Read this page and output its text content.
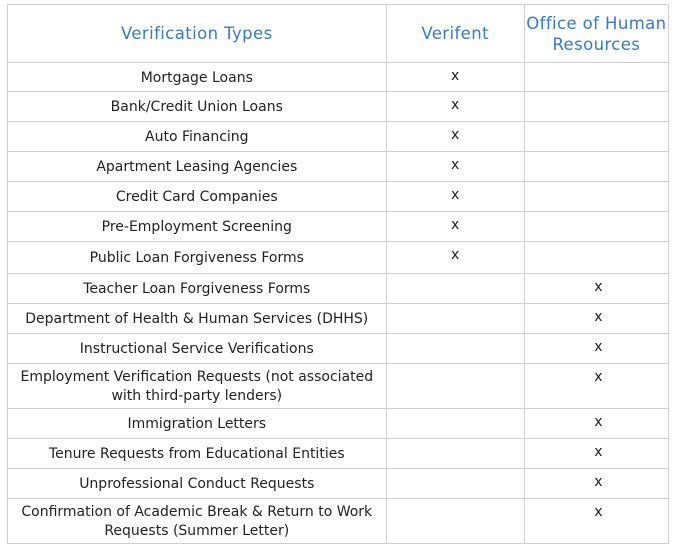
Verification Types	Verifent	Office of Human Resources
Mortgage Loans	x	
Bank/Credit Union Loans	x	
Auto Financing	x	
Apartment Leasing Agencies	x	
Credit Card Companies	x	
Pre-Employment Screening	x	
Public Loan Forgiveness Forms	x	
Teacher Loan Forgiveness Forms		x
Department of Health & Human Services (DHHS)		x
Instructional Service Verifications		x
Employment Verification Requests (not associated with third-party lenders)		x
Immigration Letters		x
Tenure Requests from Educational Entities		x
Unprofessional Conduct Requests		x
Confirmation of Academic Break & Return to Work Requests (Summer Letter)		x
